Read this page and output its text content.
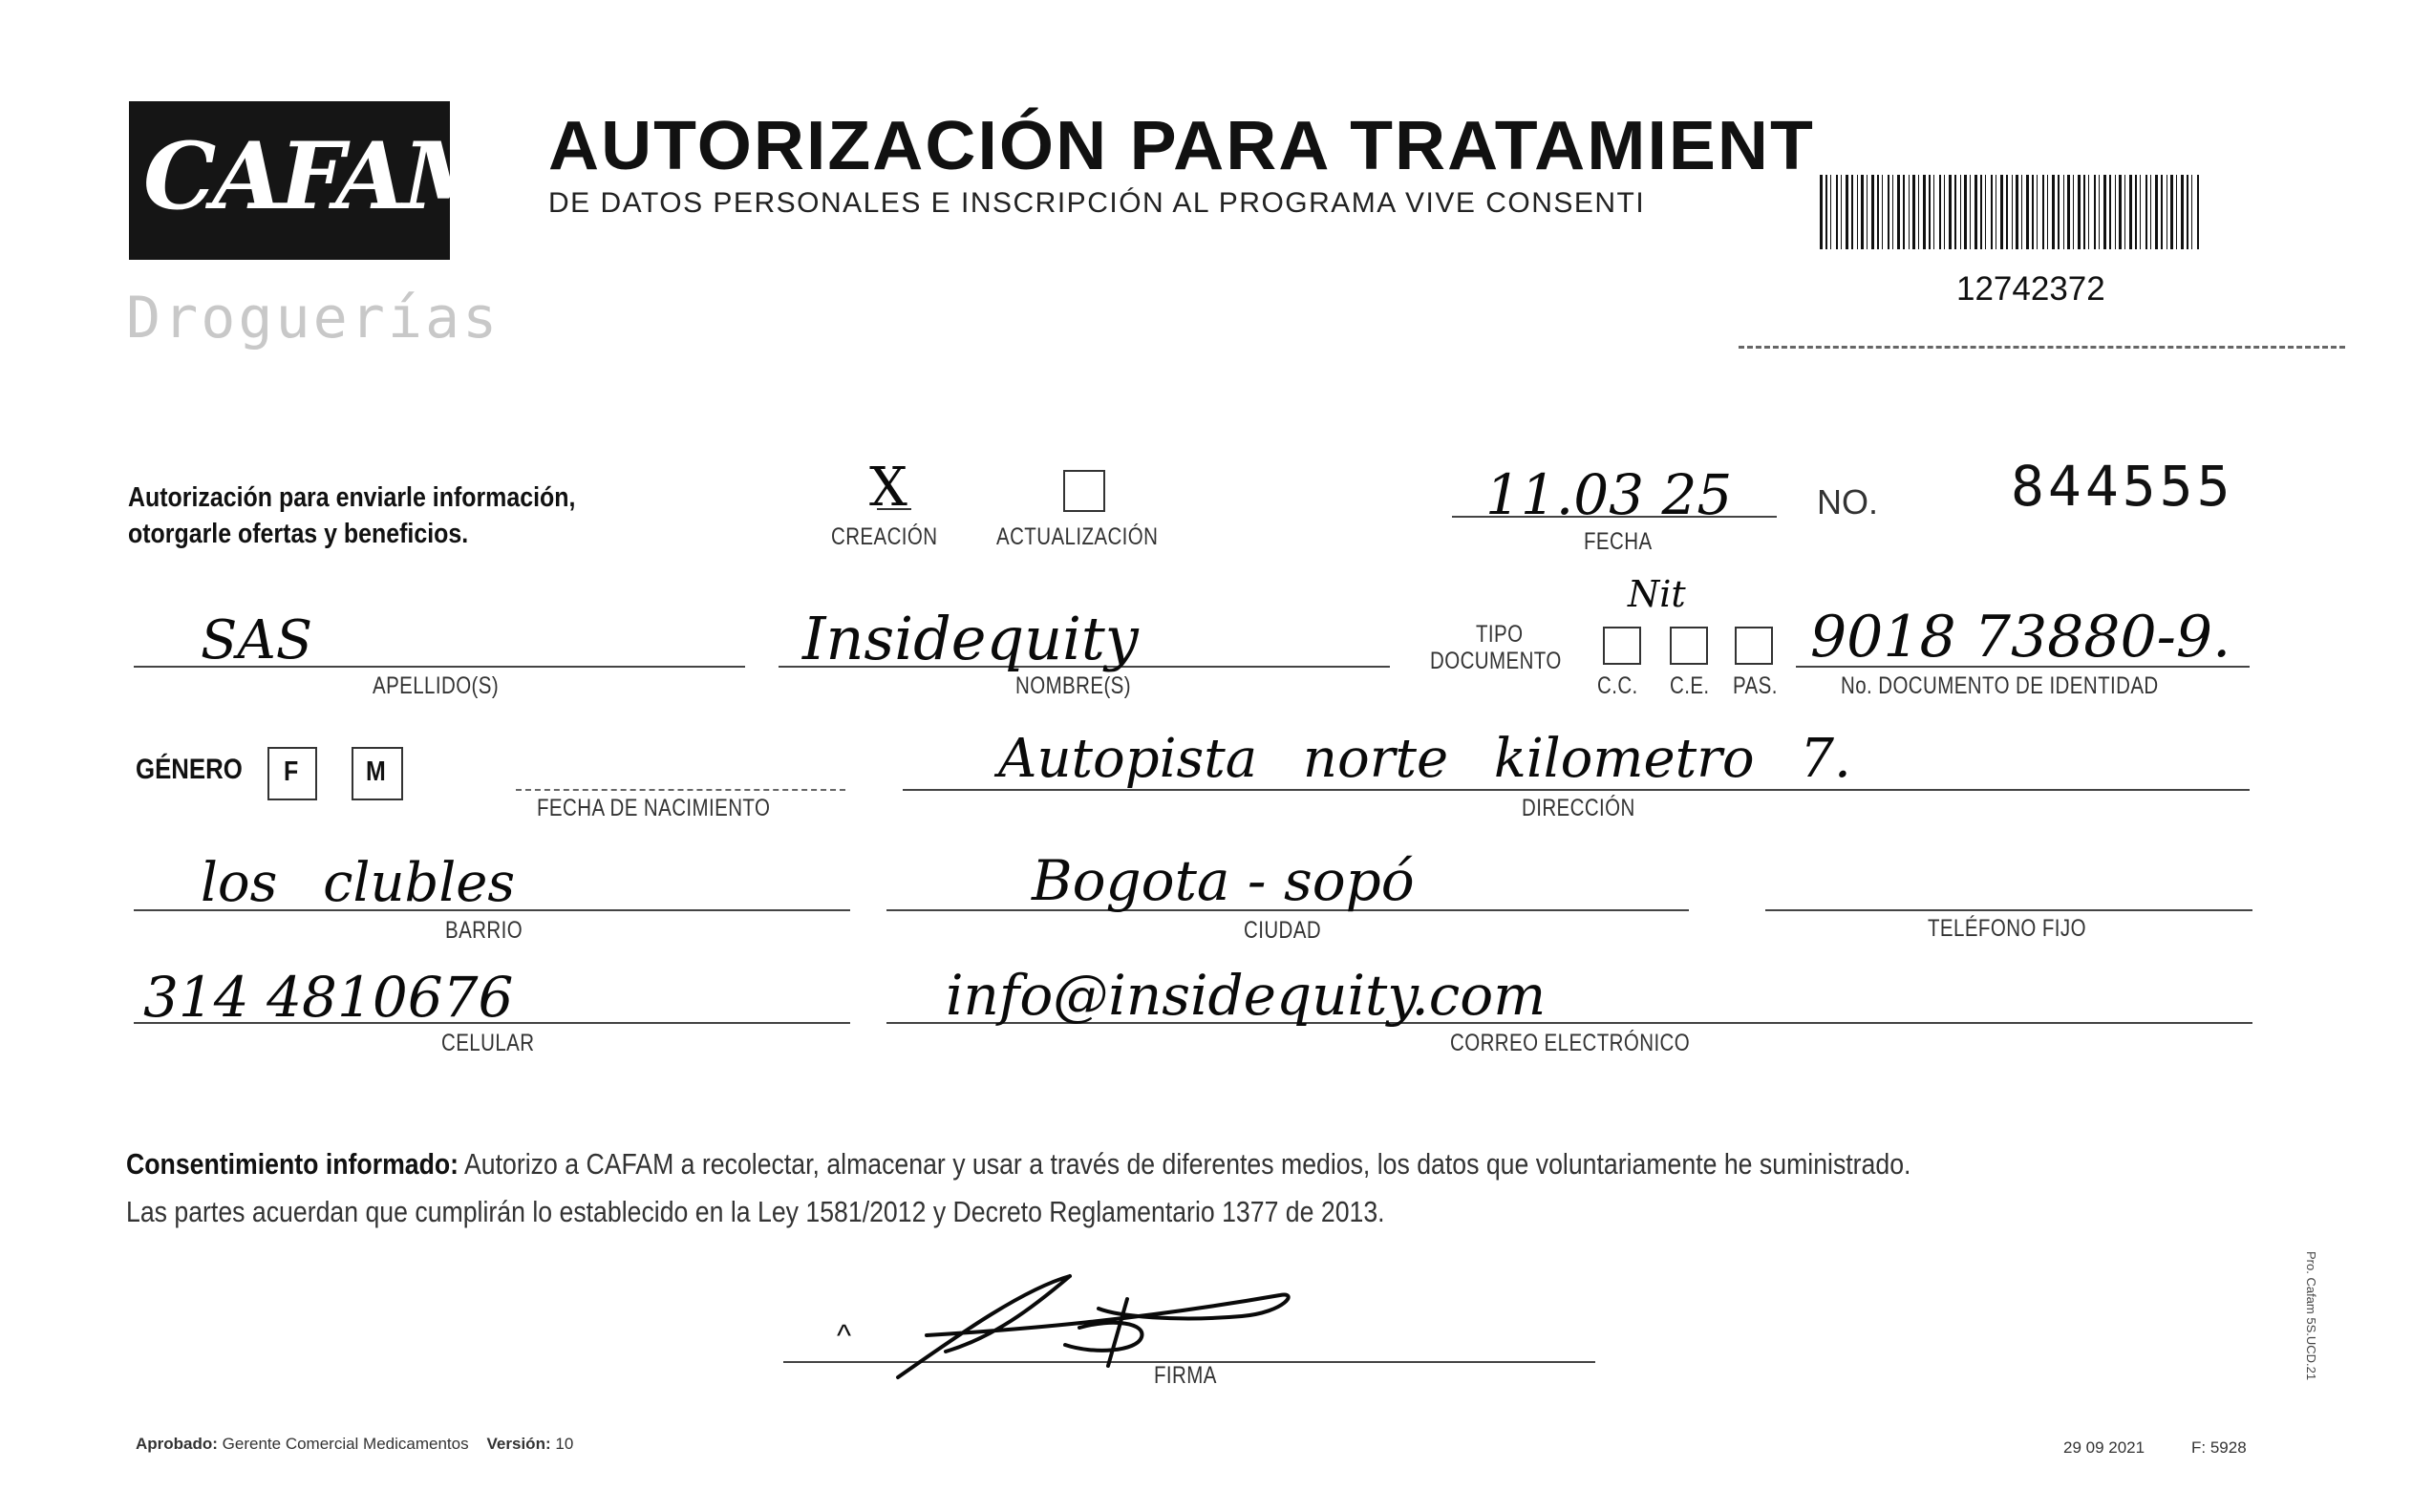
CAFAM
Droguerías
AUTORIZACIÓN PARA TRATAMIENT
DE DATOS PERSONALES E INSCRIPCIÓN AL PROGRAMA VIVE CONSENTI
12742372
Autorización para enviarle información,
otorgarle ofertas y beneficios.
X
CREACIÓN ACTUALIZACIÓN
11.03 25
FECHA
NO. 844555
SAS
APELLIDO(S)
Insidequity
NOMBRE(S)
TIPO
DOCUMENTO
Nit
C.C. C.E. PAS.
9018 73880-9.
No. DOCUMENTO DE IDENTIDAD
GÉNERO F M
FECHA DE NACIMIENTO
Autopista norte kilometro 7.
DIRECCIÓN
los clubles
BARRIO
Bogota - sopó
CIUDAD	TELÉFONO FIJO
314 4810676
CELULAR
info@insidequity.com
CORREO ELECTRÓNICO
Consentimiento informado: Autorizo a CAFAM a recolectar, almacenar y usar a través de diferentes medios, los datos que voluntariamente he suministrado.
Las partes acuerdan que cumplirán lo establecido en la Ley 1581/2012 y Decreto Reglamentario 1377 de 2013.
^
FIRMA
Aprobado: Gerente Comercial Medicamentos Versión: 10	29 09 2021	F: 5928
Pro. Cafam 5S.UCD.21
